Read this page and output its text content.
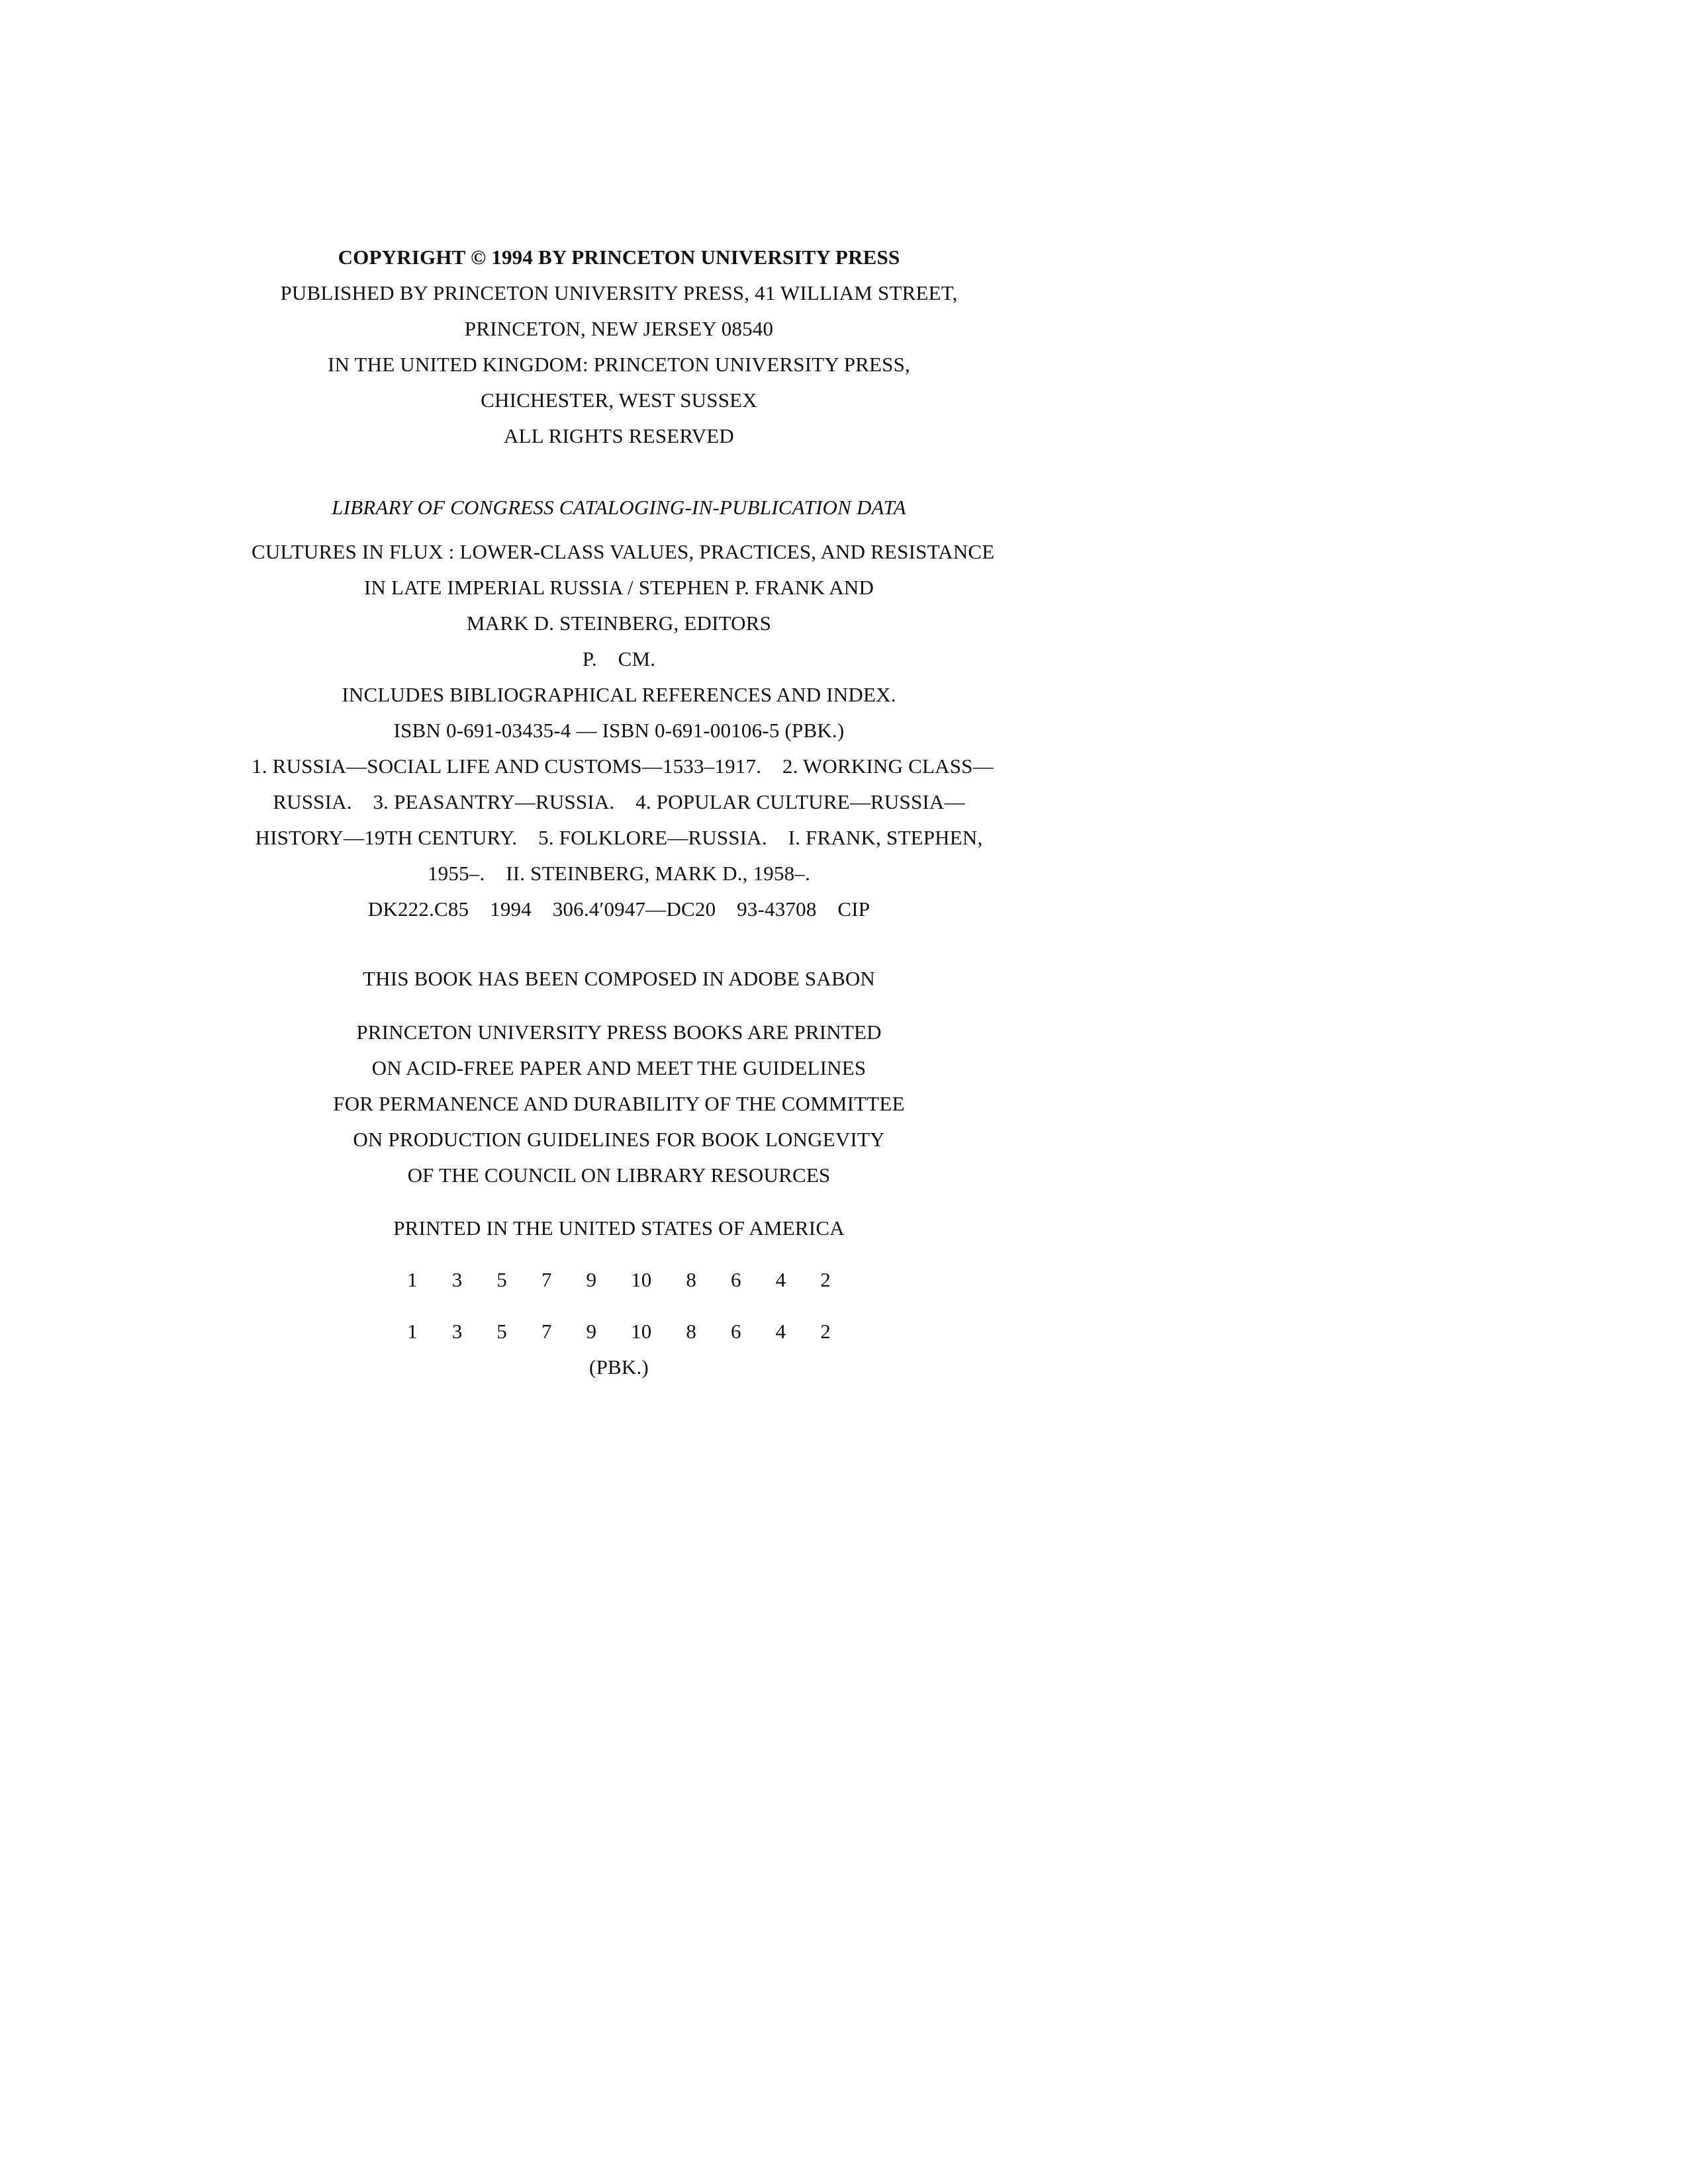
COPYRIGHT © 1994 BY PRINCETON UNIVERSITY PRESS
PUBLISHED BY PRINCETON UNIVERSITY PRESS, 41 WILLIAM STREET,
PRINCETON, NEW JERSEY 08540
IN THE UNITED KINGDOM: PRINCETON UNIVERSITY PRESS,
CHICHESTER, WEST SUSSEX
ALL RIGHTS RESERVED
LIBRARY OF CONGRESS CATALOGING-IN-PUBLICATION DATA
CULTURES IN FLUX : LOWER-CLASS VALUES, PRACTICES, AND RESISTANCE
IN LATE IMPERIAL RUSSIA / STEPHEN P. FRANK AND
MARK D. STEINBERG, EDITORS
P.    CM.
INCLUDES BIBLIOGRAPHICAL REFERENCES AND INDEX.
ISBN 0-691-03435-4 — ISBN 0-691-00106-5 (PBK.)
1. RUSSIA—SOCIAL LIFE AND CUSTOMS—1533–1917.    2. WORKING CLASS—
RUSSIA.    3. PEASANTRY—RUSSIA.    4. POPULAR CULTURE—RUSSIA—
HISTORY—19TH CENTURY.    5. FOLKLORE—RUSSIA.    I. FRANK, STEPHEN,
1955–.    II. STEINBERG, MARK D., 1958–.
DK222.C85    1994    306.4′0947—DC20    93-43708    CIP
THIS BOOK HAS BEEN COMPOSED IN ADOBE SABON
PRINCETON UNIVERSITY PRESS BOOKS ARE PRINTED
ON ACID-FREE PAPER AND MEET THE GUIDELINES
FOR PERMANENCE AND DURABILITY OF THE COMMITTEE
ON PRODUCTION GUIDELINES FOR BOOK LONGEVITY
OF THE COUNCIL ON LIBRARY RESOURCES
PRINTED IN THE UNITED STATES OF AMERICA
1  3  5  7  9  10  8  6  4  2
1  3  5  7  9  10  8  6  4  2
(PBK.)
